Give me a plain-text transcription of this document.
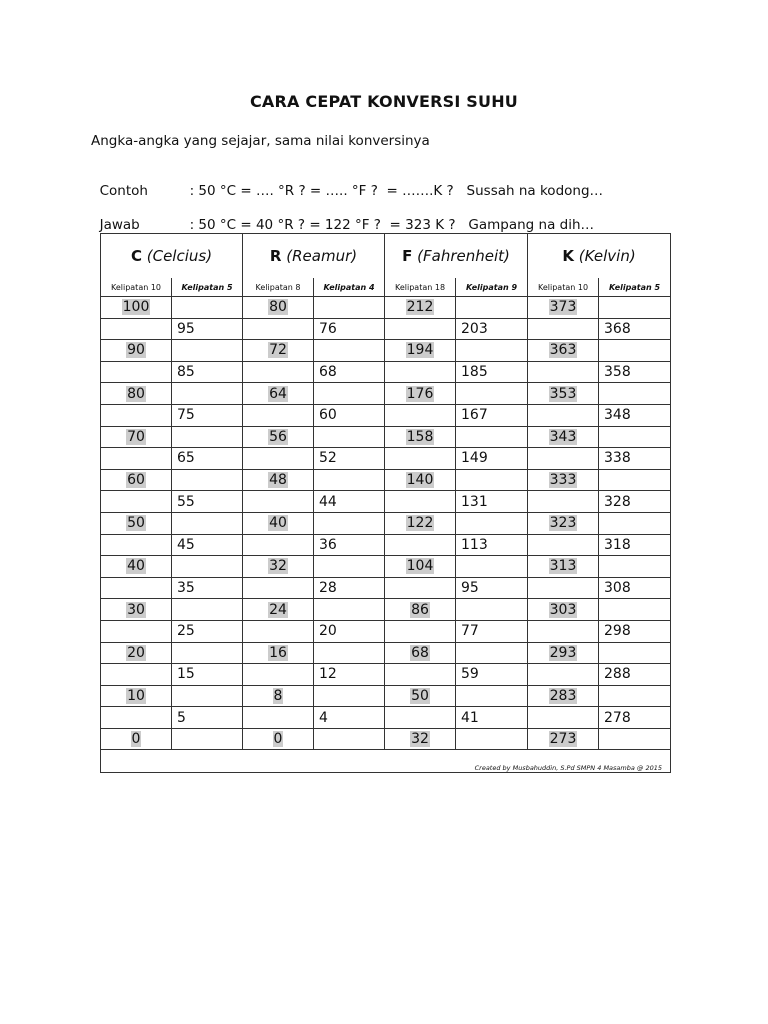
CARA CEPAT KONVERSI SUHU
Angka-angka yang sejajar, sama nilai konversinya

Contoh	: 50 °C = …. °R ? = ….. °F ?  = …….K ?   Sussah na kodong…

Jawab	: 50 °C = 40 °R ? = 122 °F ?  = 323 K ?   Gampang na dih…

C (Celcius)		R (Reamur)		F (Fahrenheit)		K (Kelvin)	
Kelipatan 10	Kelipatan 5	Kelipatan 8	Kelipatan 4	Kelipatan 18	Kelipatan 9	Kelipatan 10	Kelipatan 5
100		80		212		373	
	95		76		203		368
90		72		194		363	
	85		68		185		358
80		64		176		353	
	75		60		167		348
70		56		158		343	
	65		52		149		338
60		48		140		333	
	55		44		131		328
50		40		122		323	
	45		36		113		318
40		32		104		313	
	35		28		95		308
30		24		86		303	
	25		20		77		298
20		16		68		293	
	15		12		59		288
10		8		50		283	
	5		4		41		278
0		0		32		273	
Created by Musbahuddin, S.Pd SMPN 4 Masamba @ 2015							
